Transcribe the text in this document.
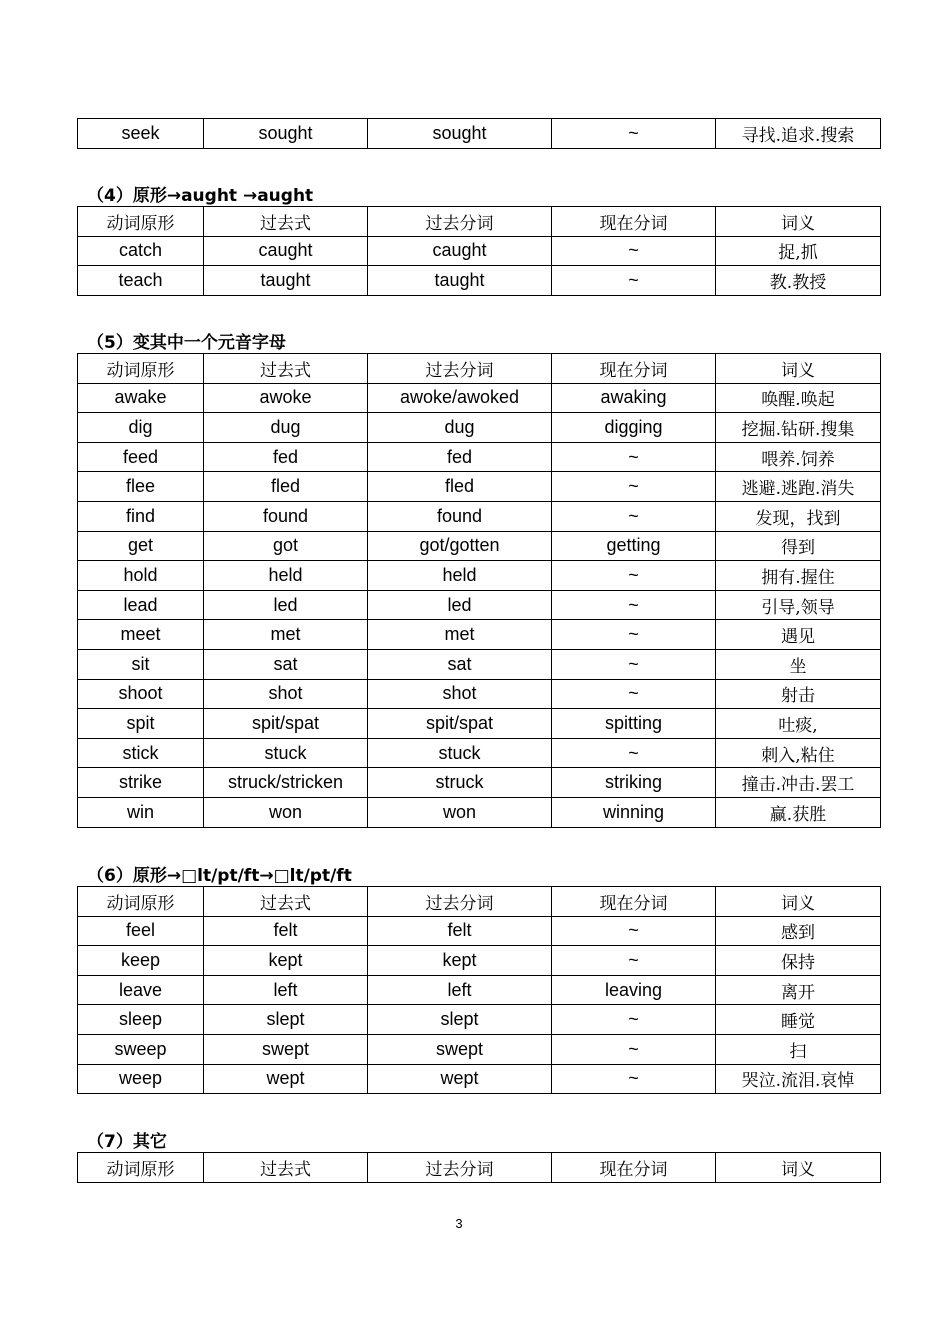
seek	sought	sought	~	寻找.追求.搜索
（4）原形→aught →aught
动词原形	过去式	过去分词	现在分词	词义
catch	caught	caught	~	捉,抓
teach	taught	taught	~	教.教授
（5）变其中一个元音字母
动词原形	过去式	过去分词	现在分词	词义
awake	awoke	awoke/awoked	awaking	唤醒.唤起
dig	dug	dug	digging	挖掘.钻研.搜集
feed	fed	fed	~	喂养.饲养
flee	fled	fled	~	逃避.逃跑.消失
find	found	found	~	发现，找到
get	got	got/gotten	getting	得到
hold	held	held	~	拥有.握住
lead	led	led	~	引导,领导
meet	met	met	~	遇见
sit	sat	sat	~	坐
shoot	shot	shot	~	射击
spit	spit/spat	spit/spat	spitting	吐痰,
stick	stuck	stuck	~	刺入,粘住
strike	struck/stricken	struck	striking	撞击.冲击.罢工
win	won	won	winning	赢.获胜
（6）原形→□lt/pt/ft→□lt/pt/ft
动词原形	过去式	过去分词	现在分词	词义
feel	felt	felt	~	感到
keep	kept	kept	~	保持
leave	left	left	leaving	离开
sleep	slept	slept	~	睡觉
sweep	swept	swept	~	扫
weep	wept	wept	~	哭泣.流泪.哀悼
（7）其它
动词原形	过去式	过去分词	现在分词	词义
3
